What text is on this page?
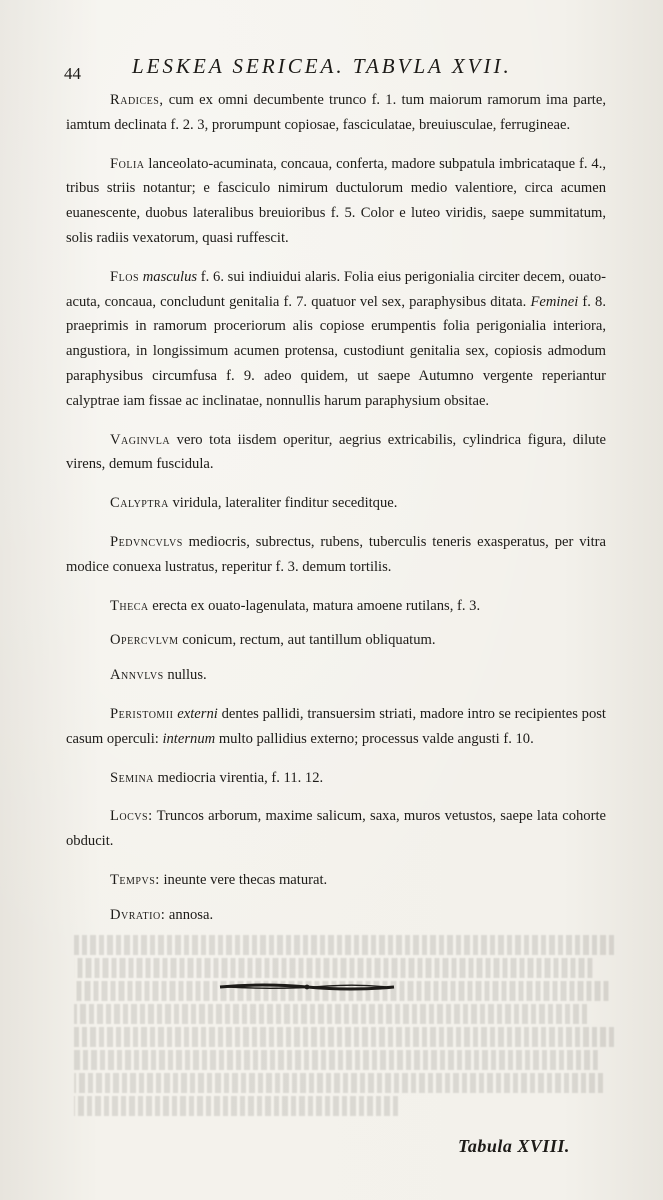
44 LESKEA SERICEA. TABVLA XVII.

Radices, cum ex omni decumbente trunco f. 1. tum maiorum ramorum ima parte, iamtum declinata f. 2. 3, prorumpunt copiosae, fasciculatae, breuiusculae, ferrugineae.

Folia lanceolato-acuminata, concaua, conferta, madore subpatula imbricataque f. 4., tribus striis notantur; e fasciculo nimirum ductulorum medio valentiore, circa acumen euanescente, duobus lateralibus breuioribus f. 5. Color e luteo viridis, saepe summitatum, solis radiis vexatorum, quasi ruffescit.

Flos masculus f. 6. sui indiuidui alaris. Folia eius perigonialia circiter decem, ouato-acuta, concaua, concludunt genitalia f. 7. quatuor vel sex, paraphysibus ditata. Feminei f. 8. praeprimis in ramorum proceriorum alis copiose erumpentis folia perigonialia interiora, angustiora, in longissimum acumen protensa, custodiunt genitalia sex, copiosis admodum paraphysibus circumfusa f. 9. adeo quidem, ut saepe Autumno vergente reperiantur calyptrae iam fissae ac inclinatae, nonnullis harum paraphysium obsitae.

Vaginvla vero tota iisdem operitur, aegrius extricabilis, cylindrica figura, dilute virens, demum fuscidula.

Calyptra viridula, lateraliter finditur seceditque.

Pedvncvlvs mediocris, subrectus, rubens, tuberculis teneris exasperatus, per vitra modice conuexa lustratus, reperitur f. 3. demum tortilis.

Theca erecta ex ouato-lagenulata, matura amoene rutilans, f. 3.

Opercvlvm conicum, rectum, aut tantillum obliquatum.

Annvlvs nullus.

Peristomii externi dentes pallidi, transuersim striati, madore intro se recipientes post casum operculi: internum multo pallidius externo; processus valde angusti f. 10.

Semina mediocria virentia, f. 11. 12.

Locvs: Truncos arborum, maxime salicum, saxa, muros vetustos, saepe lata cohorte obducit.

Tempvs: ineunte vere thecas maturat.

Dvratio: annosa.

Tabula XVIII.
